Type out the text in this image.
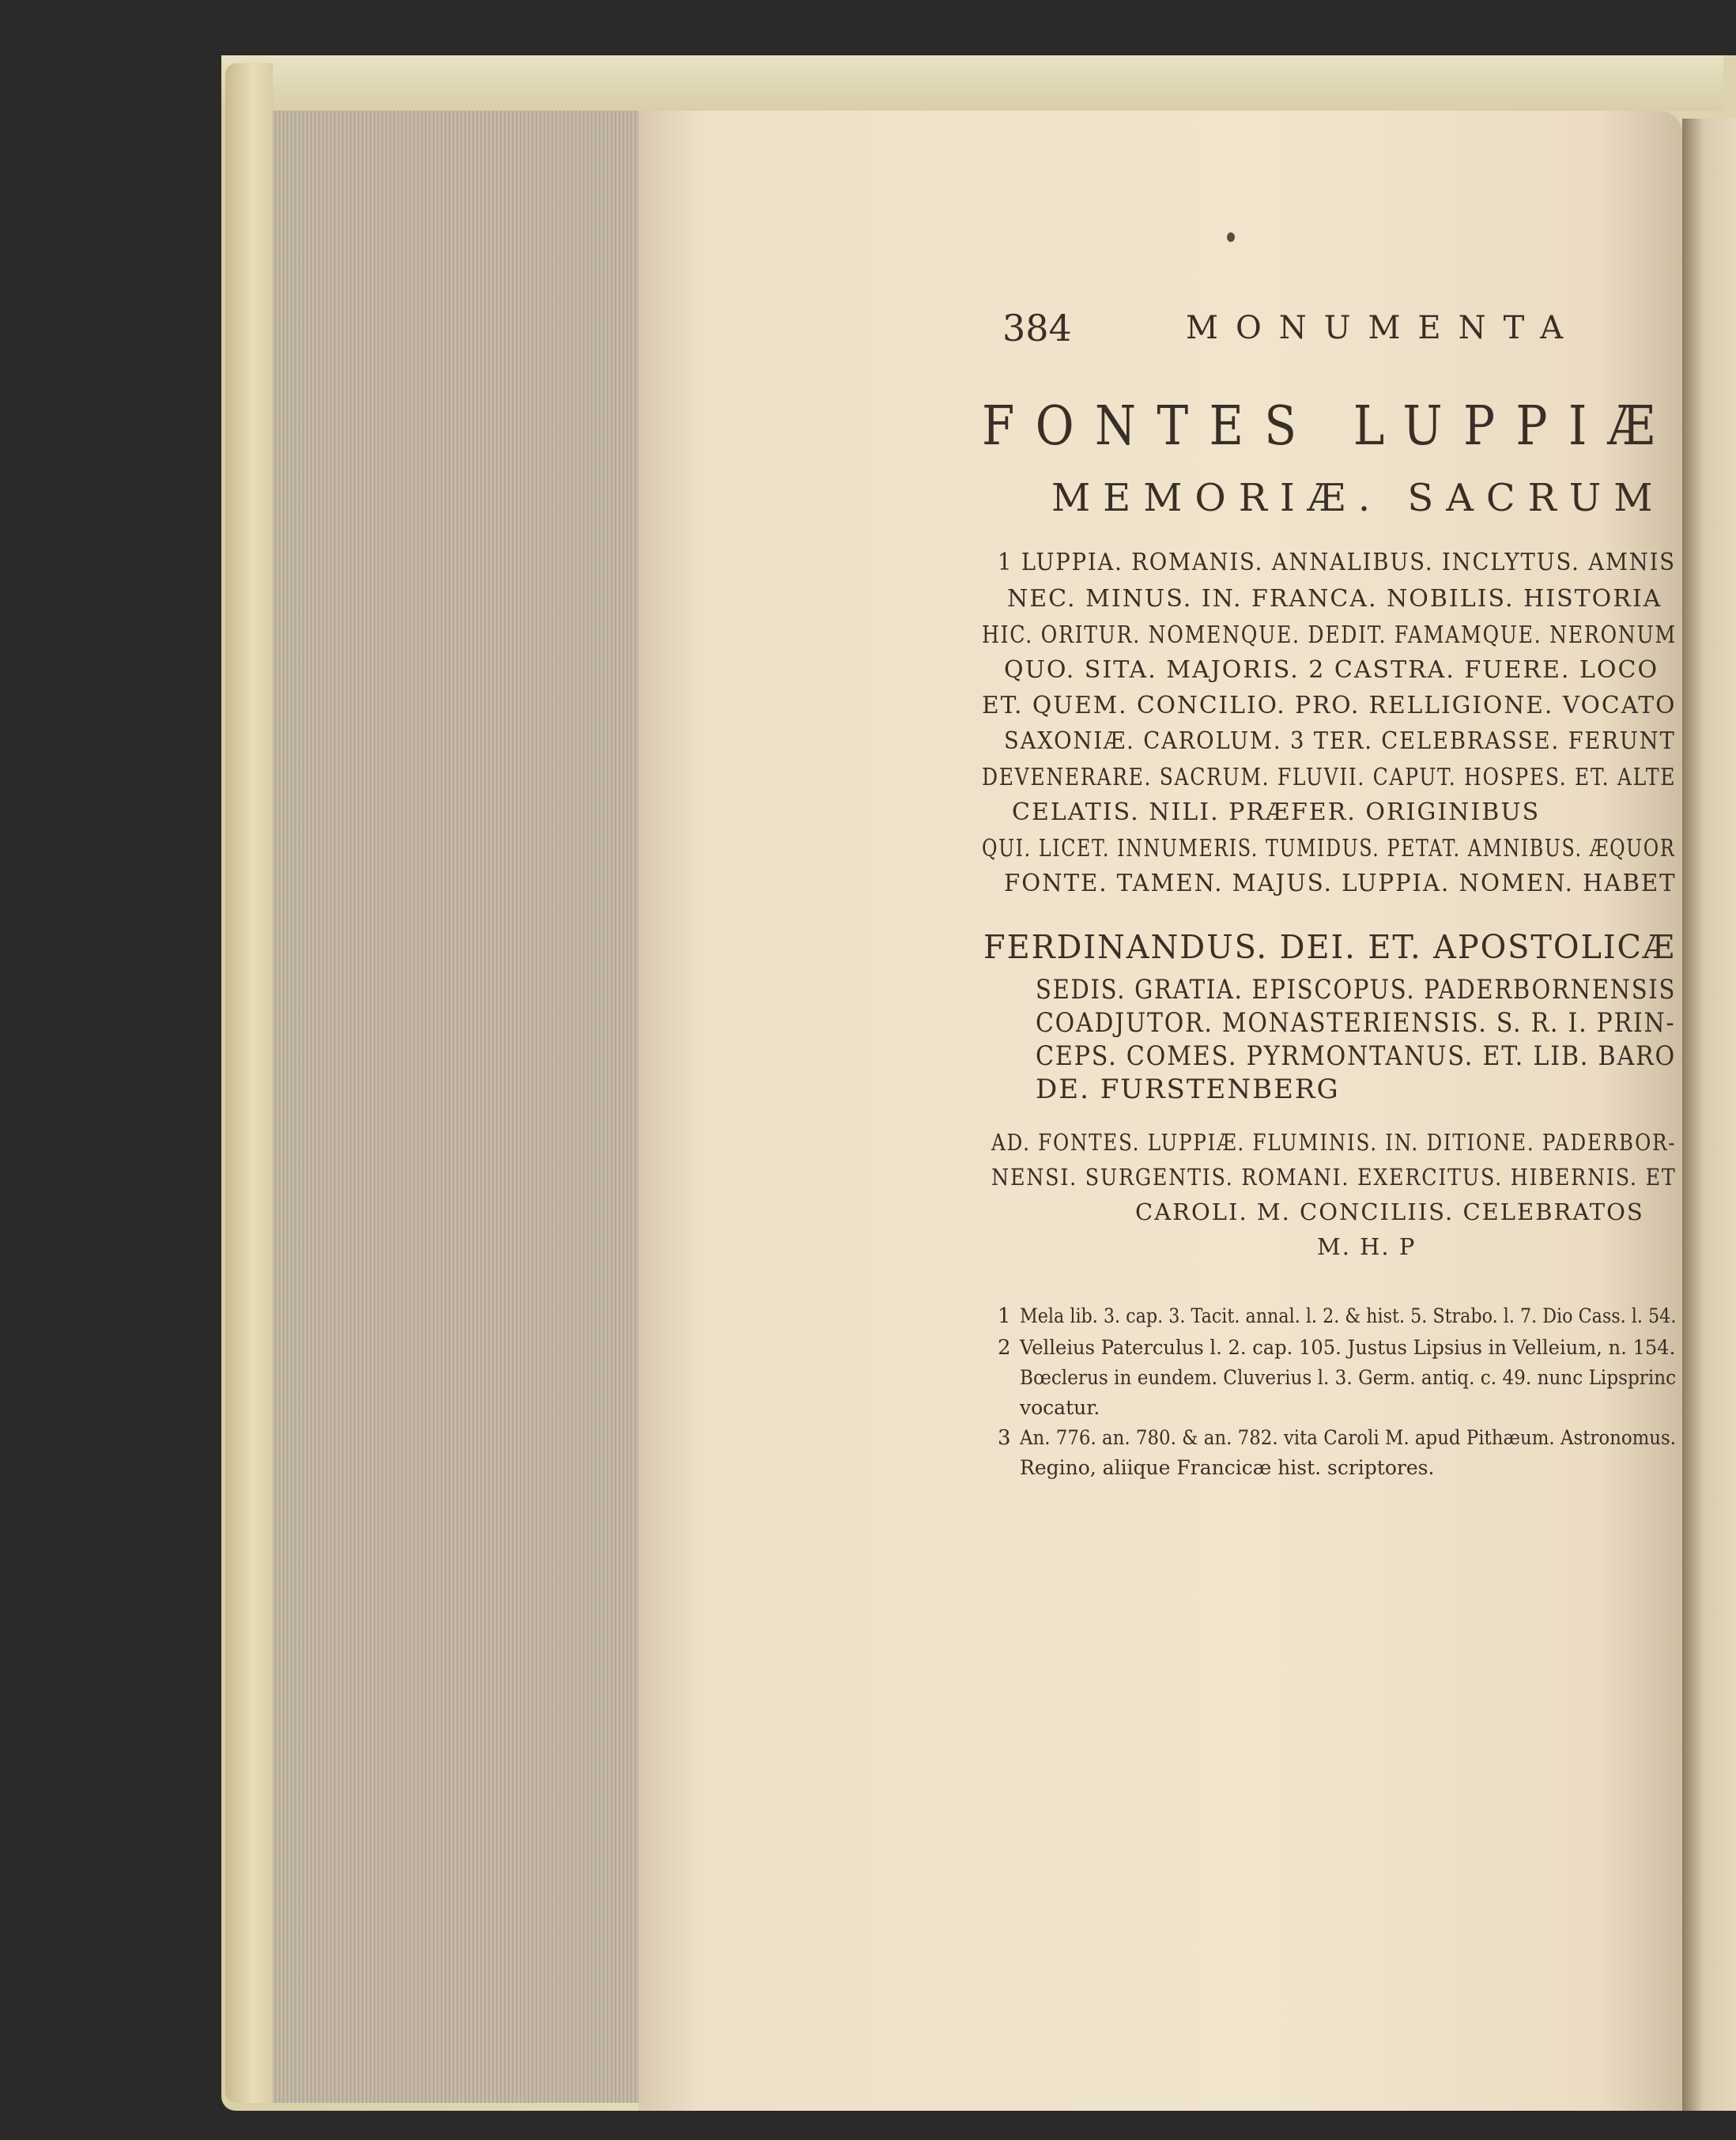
384	MONUMENTA
FONTES LUPPIÆ
MEMORIÆ. SACRUM
1 LUPPIA. ROMANIS. ANNALIBUS. INCLYTUS. AMNIS
NEC. MINUS. IN. FRANCA. NOBILIS. HISTORIA
HIC. ORITUR. NOMENQUE. DEDIT. FAMAMQUE. NERONUM
QUO. SITA. MAJORIS. 2 CASTRA. FUERE. LOCO
ET. QUEM. CONCILIO. PRO. RELLIGIONE. VOCATO
SAXONIÆ. CAROLUM. 3 TER. CELEBRASSE. FERUNT
DEVENERARE. SACRUM. FLUVII. CAPUT. HOSPES. ET. ALTE
CELATIS. NILI. PRÆFER. ORIGINIBUS
QUI. LICET. INNUMERIS. TUMIDUS. PETAT. AMNIBUS. ÆQUOR
FONTE. TAMEN. MAJUS. LUPPIA. NOMEN. HABET
FERDINANDUS. DEI. ET. APOSTOLICÆ
SEDIS. GRATIA. EPISCOPUS. PADERBORNENSIS
COADJUTOR. MONASTERIENSIS. S. R. I. PRIN-
CEPS. COMES. PYRMONTANUS. ET. LIB. BARO
DE. FURSTENBERG
AD. FONTES. LUPPIÆ. FLUMINIS. IN. DITIONE. PADERBOR-
NENSI. SURGENTIS. ROMANI. EXERCITUS. HIBERNIS. ET
CAROLI. M. CONCILIIS. CELEBRATOS
M. H. P
1 Mela lib. 3. cap. 3. Tacit. annal. l. 2. & hist. 5. Strabo. l. 7. Dio Cass. l. 54.
2 Velleius Paterculus l. 2. cap. 105. Justus Lipsius in Velleium, n. 154.
Bœclerus in eundem. Cluverius l. 3. Germ. antiq. c. 49. nunc Lipsprinc
vocatur.
3 An. 776. an. 780. & an. 782. vita Caroli M. apud Pithæum. Astronomus.
Regino, aliique Francicæ hist. scriptores.
